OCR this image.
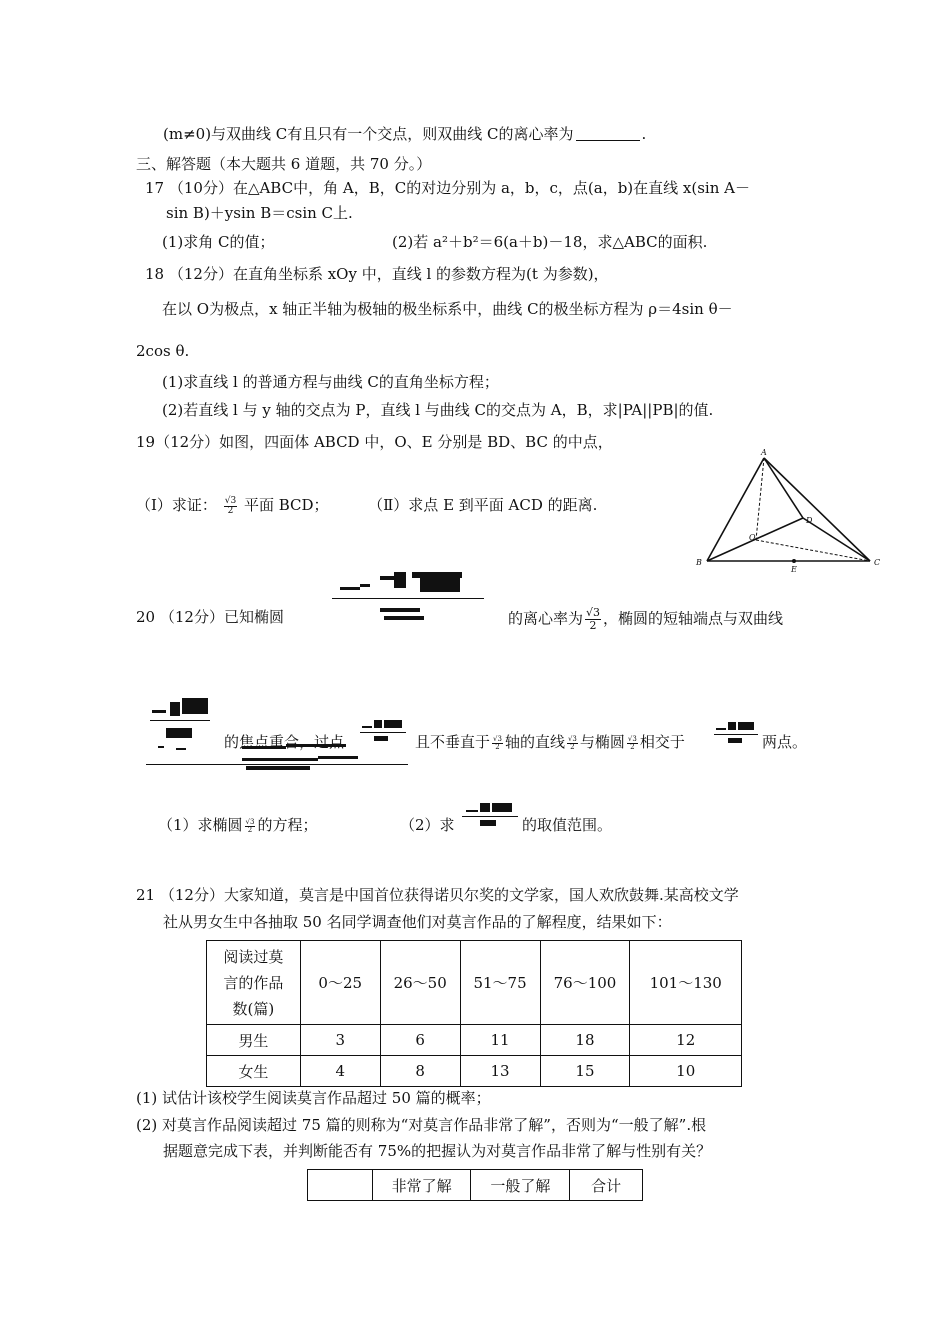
(m≠0)与双曲线 C有且只有一个交点，则双曲线 C的离心率为	.
三、解答题（本大题共 6 道题，共 70 分。）
17 （10分）在△ABC中，角 A，B，C的对边分别为 a，b，c，点(a，b)在直线 x(sin A－
sin B)＋ysin B＝csin C上.
(1)求角 C的值；	(2)若 a²＋b²＝6(a＋b)－18，求△ABC的面积.
18 （12分）在直角坐标系 xOy 中，直线 l 的参数方程为(t 为参数)，
在以 O为极点，x 轴正半轴为极轴的极坐标系中，曲线 C的极坐标方程为 ρ＝4sin θ－
2cos θ.
(1)求直线 l 的普通方程与曲线 C的直角坐标方程；
(2)若直线 l 与 y 轴的交点为 P，直线 l 与曲线 C的交点为 A，B，求|PA||PB|的值.
19（12分）如图，四面体 ABCD 中，O、E 分别是 BD、BC 的中点，
（Ⅰ）求证： $\frac{√3}{2}$ 平面 BCD；	（Ⅱ）求点 E 到平面 ACD 的距离.
A
B	C
D
O
E
20 （12分）已知椭圆	的离心率为 $\frac{√3}{2}$ ，椭圆的短轴端点与双曲线
的焦点重合，过点	且不垂直于 $\frac{√3}{2}$ 轴的直线 $\frac{√3}{2}$ 与椭圆 $\frac{√3}{2}$ 相交于	两点。
（1）求椭圆 $\frac{√3}{2}$ 的方程；	（2）求	的取值范围。
21 （12分）大家知道，莫言是中国首位获得诺贝尔奖的文学家，国人欢欣鼓舞.某高校文学
社从男女生中各抽取 50 名同学调查他们对莫言作品的了解程度，结果如下：
阅读过莫
言的作品
数(篇)	0～25	26～50	51～75	76～100	101～130
男生	3	6	11	18	12
女生	4	8	13	15	10
(1) 试估计该校学生阅读莫言作品超过 50 篇的概率；
(2) 对莫言作品阅读超过 75 篇的则称为“对莫言作品非常了解”，否则为“一般了解”.根
据题意完成下表，并判断能否有 75%的把握认为对莫言作品非常了解与性别有关？
	非常了解	一般了解	合计
